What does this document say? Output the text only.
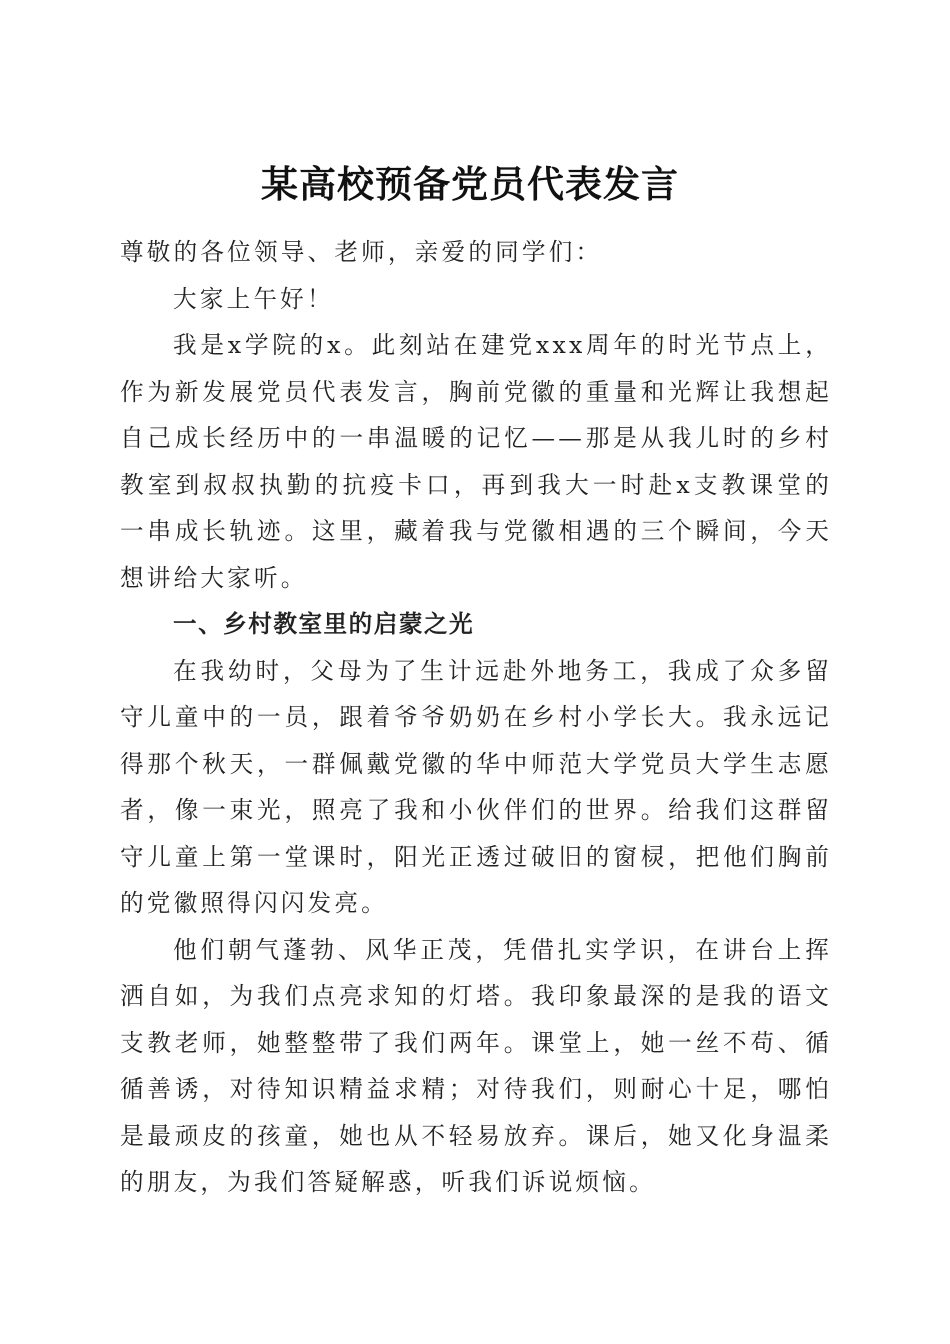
某高校预备党员代表发言

尊敬的各位领导、老师，亲爱的同学们：

大家上午好！

我是x学院的x。此刻站在建党xxx周年的时光节点上，作为新发展党员代表发言，胸前党徽的重量和光辉让我想起自己成长经历中的一串温暖的记忆——那是从我儿时的乡村教室到叔叔执勤的抗疫卡口，再到我大一时赴x支教课堂的一串成长轨迹。这里，藏着我与党徽相遇的三个瞬间，今天想讲给大家听。

一、乡村教室里的启蒙之光

在我幼时，父母为了生计远赴外地务工，我成了众多留守儿童中的一员，跟着爷爷奶奶在乡村小学长大。我永远记得那个秋天，一群佩戴党徽的华中师范大学党员大学生志愿者，像一束光，照亮了我和小伙伴们的世界。给我们这群留守儿童上第一堂课时，阳光正透过破旧的窗棂，把他们胸前的党徽照得闪闪发亮。

他们朝气蓬勃、风华正茂，凭借扎实学识，在讲台上挥洒自如，为我们点亮求知的灯塔。我印象最深的是我的语文支教老师，她整整带了我们两年。课堂上，她一丝不苟、循循善诱，对待知识精益求精；对待我们，则耐心十足，哪怕是最顽皮的孩童，她也从不轻易放弃。课后，她又化身温柔的朋友，为我们答疑解惑，听我们诉说烦恼。
